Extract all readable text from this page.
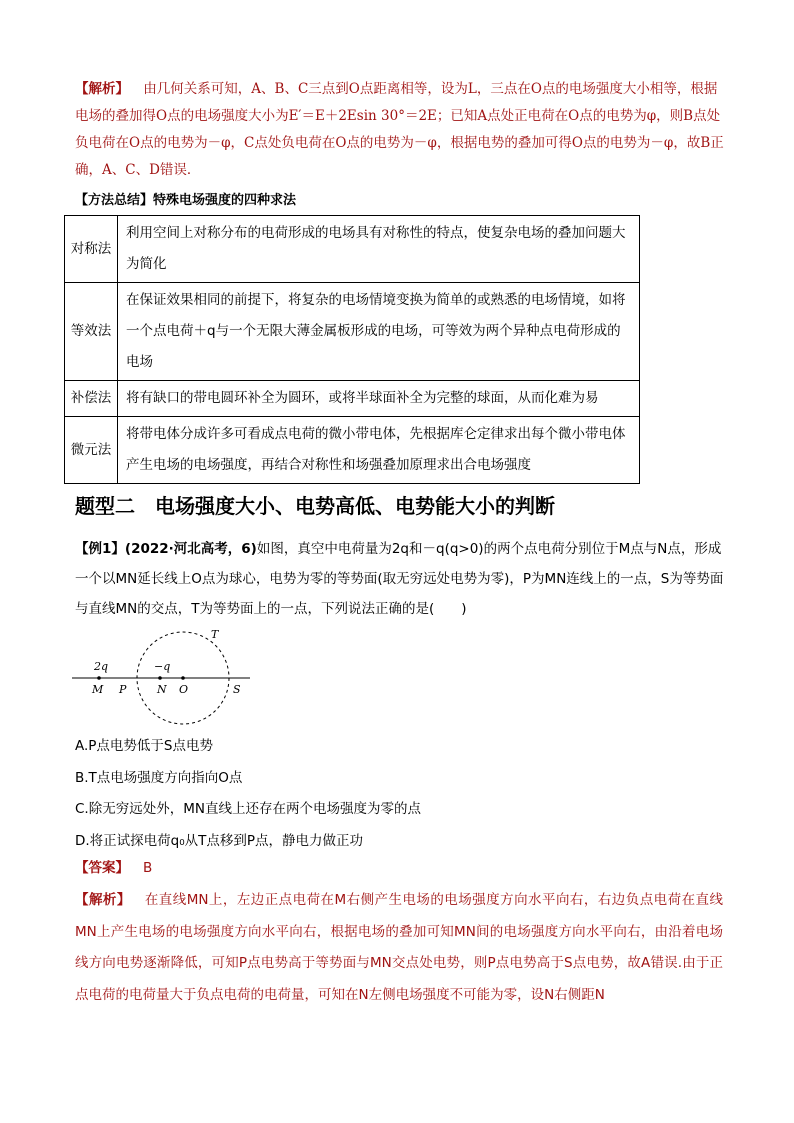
【解析】 由几何关系可知，A、B、C三点到O点距离相等，设为L，三点在O点的电场强度大小相等，根据电场的叠加得O点的电场强度大小为E′＝E＋2Esin 30°＝2E；已知A点处正电荷在O点的电势为φ，则B点处负电荷在O点的电势为－φ，C点处负电荷在O点的电势为－φ，根据电势的叠加可得O点的电势为－φ，故B正确，A、C、D错误．
【方法总结】特殊电场强度的四种求法
对称法	利用空间上对称分布的电荷形成的电场具有对称性的特点，使复杂电场的叠加问题大为简化
等效法	在保证效果相同的前提下，将复杂的电场情境变换为简单的或熟悉的电场情境，如将一个点电荷＋q与一个无限大薄金属板形成的电场，可等效为两个异种点电荷形成的电场
补偿法	将有缺口的带电圆环补全为圆环，或将半球面补全为完整的球面，从而化难为易
微元法	将带电体分成许多可看成点电荷的微小带电体，先根据库仑定律求出每个微小带电体产生电场的电场强度，再结合对称性和场强叠加原理求出合电场强度
题型二　电场强度大小、电势高低、电势能大小的判断
【例1】(2022·河北高考，6)如图，真空中电荷量为2q和－q(q>0)的两个点电荷分别位于M点与N点，形成一个以MN延长线上O点为球心，电势为零的等势面(取无穷远处电势为零)，P为MN连线上的一点，S为等势面与直线MN的交点，T为等势面上的一点，下列说法正确的是(　　)
2q	−q
M P	N O	S
T
A.P点电势低于S点电势
B.T点电场强度方向指向O点
C.除无穷远处外，MN直线上还存在两个电场强度为零的点
D.将正试探电荷q₀从T点移到P点，静电力做正功
【答案】 B
【解析】 在直线MN上，左边正点电荷在M右侧产生电场的电场强度方向水平向右，右边负点电荷在直线MN上产生电场的电场强度方向水平向右，根据电场的叠加可知MN间的电场强度方向水平向右，由沿着电场线方向电势逐渐降低，可知P点电势高于等势面与MN交点处电势，则P点电势高于S点电势，故A错误.由于正点电荷的电荷量大于负点电荷的电荷量，可知在N左侧电场强度不可能为零，设N右侧距N
